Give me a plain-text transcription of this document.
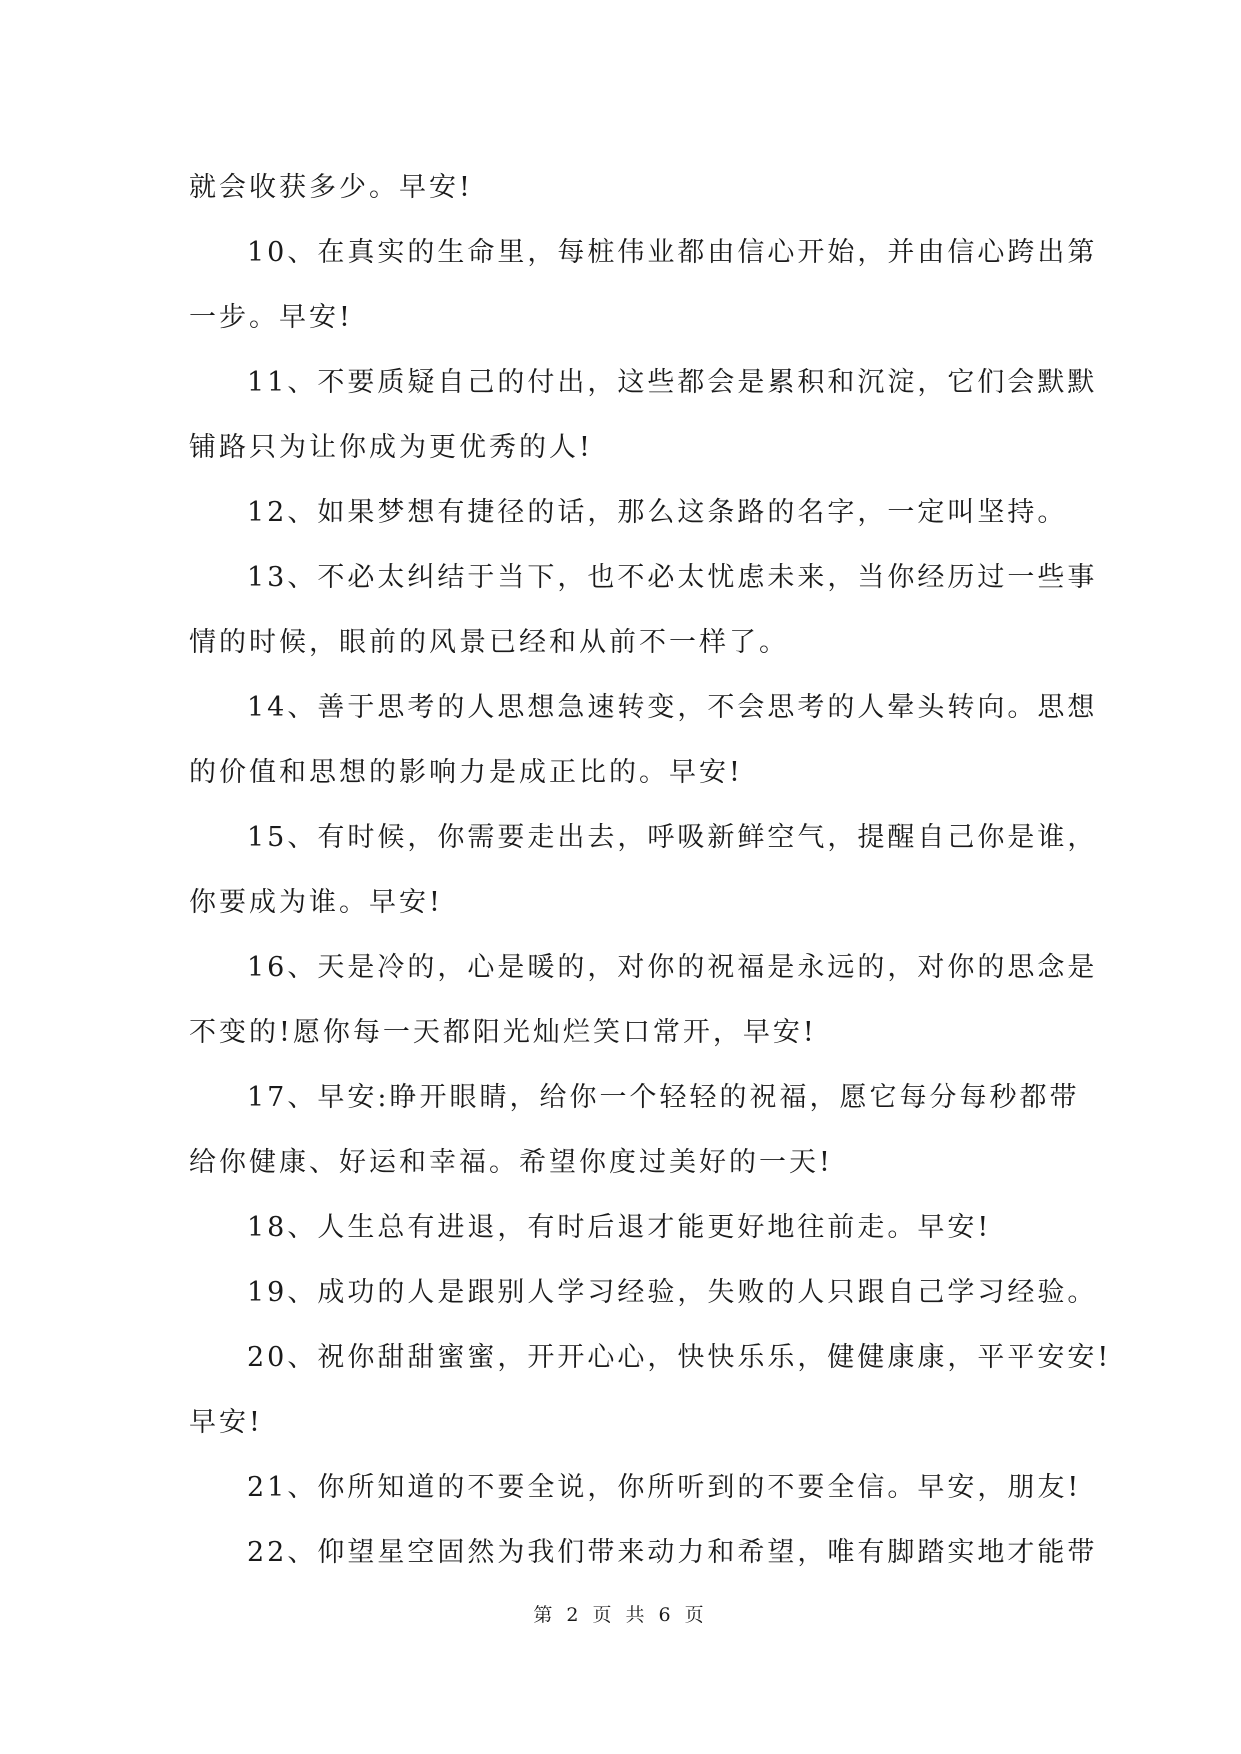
就会收获多少。早安!
10、在真实的生命里，每桩伟业都由信心开始，并由信心跨出第
一步。早安!
11、不要质疑自己的付出，这些都会是累积和沉淀，它们会默默
铺路只为让你成为更优秀的人!
12、如果梦想有捷径的话，那么这条路的名字，一定叫坚持。
13、不必太纠结于当下，也不必太忧虑未来，当你经历过一些事
情的时候，眼前的风景已经和从前不一样了。
14、善于思考的人思想急速转变，不会思考的人晕头转向。思想
的价值和思想的影响力是成正比的。早安!
15、有时候，你需要走出去，呼吸新鲜空气，提醒自己你是谁，
你要成为谁。早安!
16、天是冷的，心是暖的，对你的祝福是永远的，对你的思念是
不变的!愿你每一天都阳光灿烂笑口常开，早安!
17、早安:睁开眼睛，给你一个轻轻的祝福，愿它每分每秒都带
给你健康、好运和幸福。希望你度过美好的一天!
18、人生总有进退，有时后退才能更好地往前走。早安!
19、成功的人是跟别人学习经验，失败的人只跟自己学习经验。
20、祝你甜甜蜜蜜，开开心心，快快乐乐，健健康康，平平安安!
早安!
21、你所知道的不要全说，你所听到的不要全信。早安，朋友!
22、仰望星空固然为我们带来动力和希望，唯有脚踏实地才能带
第 2 页 共 6 页
